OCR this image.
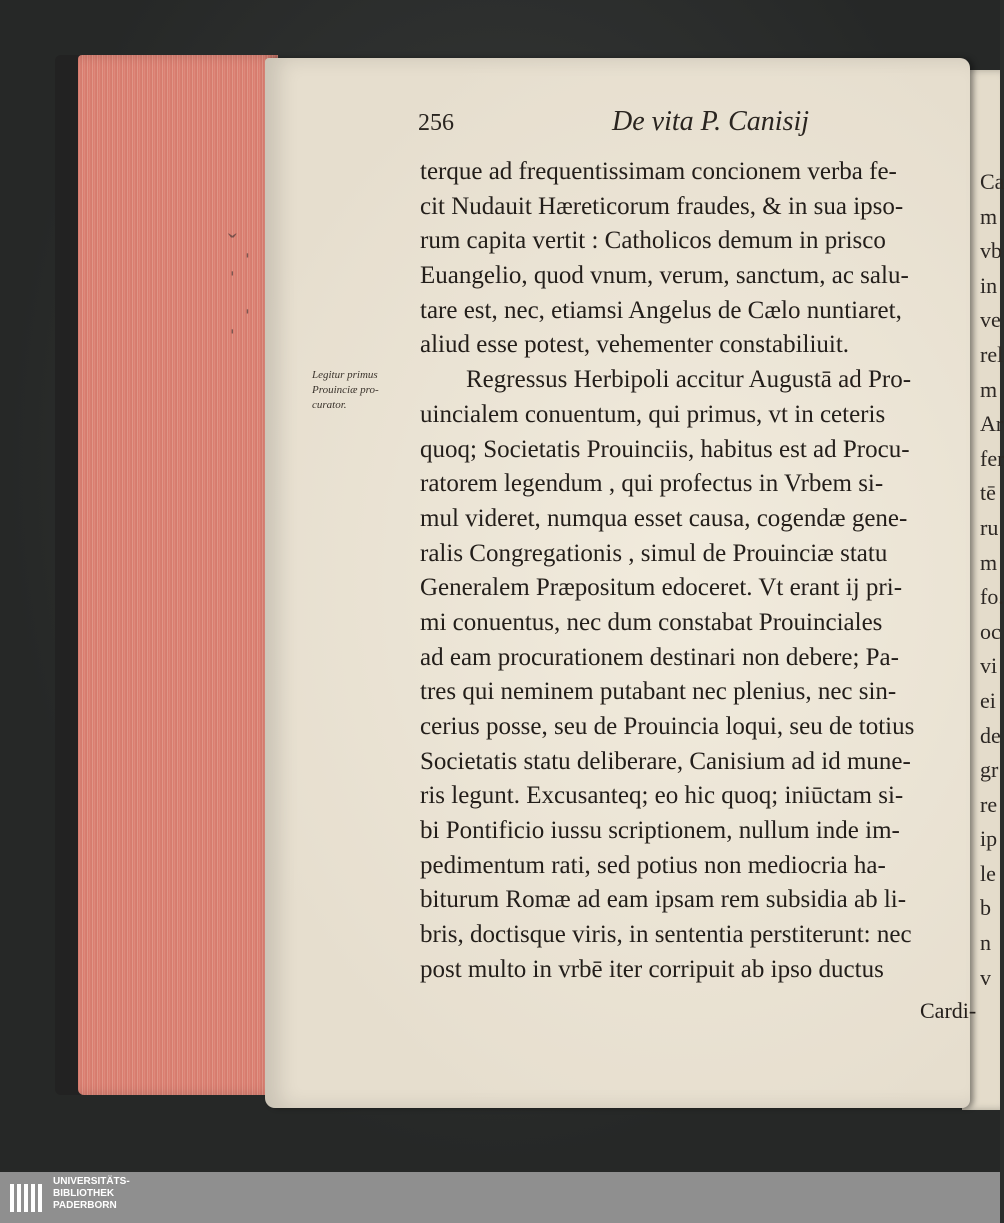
ˇ ˌ ˈ
ˌ ˈ
Ca
m
vb
in
ve
rel
m
Ar
fer
tē
ru
m
fo.
oc
vi
ei
de
gr
re
ip
le
b
n
v
256	De vita P. Canisij
Legitur primus
Prouinciæ pro-
curator.
terque ad frequentissimam concionem verba fe-
cit Nudauit Hæreticorum fraudes, & in sua ipso-
rum capita vertit : Catholicos demum in prisco
Euangelio, quod vnum, verum, sanctum, ac salu-
tare est, nec, etiamsi Angelus de Cælo nuntiaret,
aliud esse potest, vehementer constabiliuit.
Regressus Herbipoli accitur Augustā ad Pro-
uincialem conuentum, qui primus, vt in ceteris
quoq; Societatis Prouinciis, habitus est ad Procu-
ratorem legendum , qui profectus in Vrbem si-
mul videret, numqua esset causa, cogendæ gene-
ralis Congregationis , simul de Prouinciæ statu
Generalem Præpositum edoceret. Vt erant ij pri-
mi conuentus, nec dum constabat Prouinciales
ad eam procurationem destinari non debere; Pa-
tres qui neminem putabant nec plenius, nec sin-
cerius posse, seu de Prouincia loqui, seu de totius
Societatis statu deliberare, Canisium ad id mune-
ris legunt. Excusanteq; eo hic quoq; iniūctam si-
bi Pontificio iussu scriptionem, nullum inde im-
pedimentum rati, sed potius non mediocria ha-
biturum Romæ ad eam ipsam rem subsidia ab li-
bris, doctisque viris, in sententia perstiterunt: nec
post multo in vrbē iter corripuit ab ipso ductus
Cardi-
UNIVERSITÄTS-
BIBLIOTHEK
PADERBORN
